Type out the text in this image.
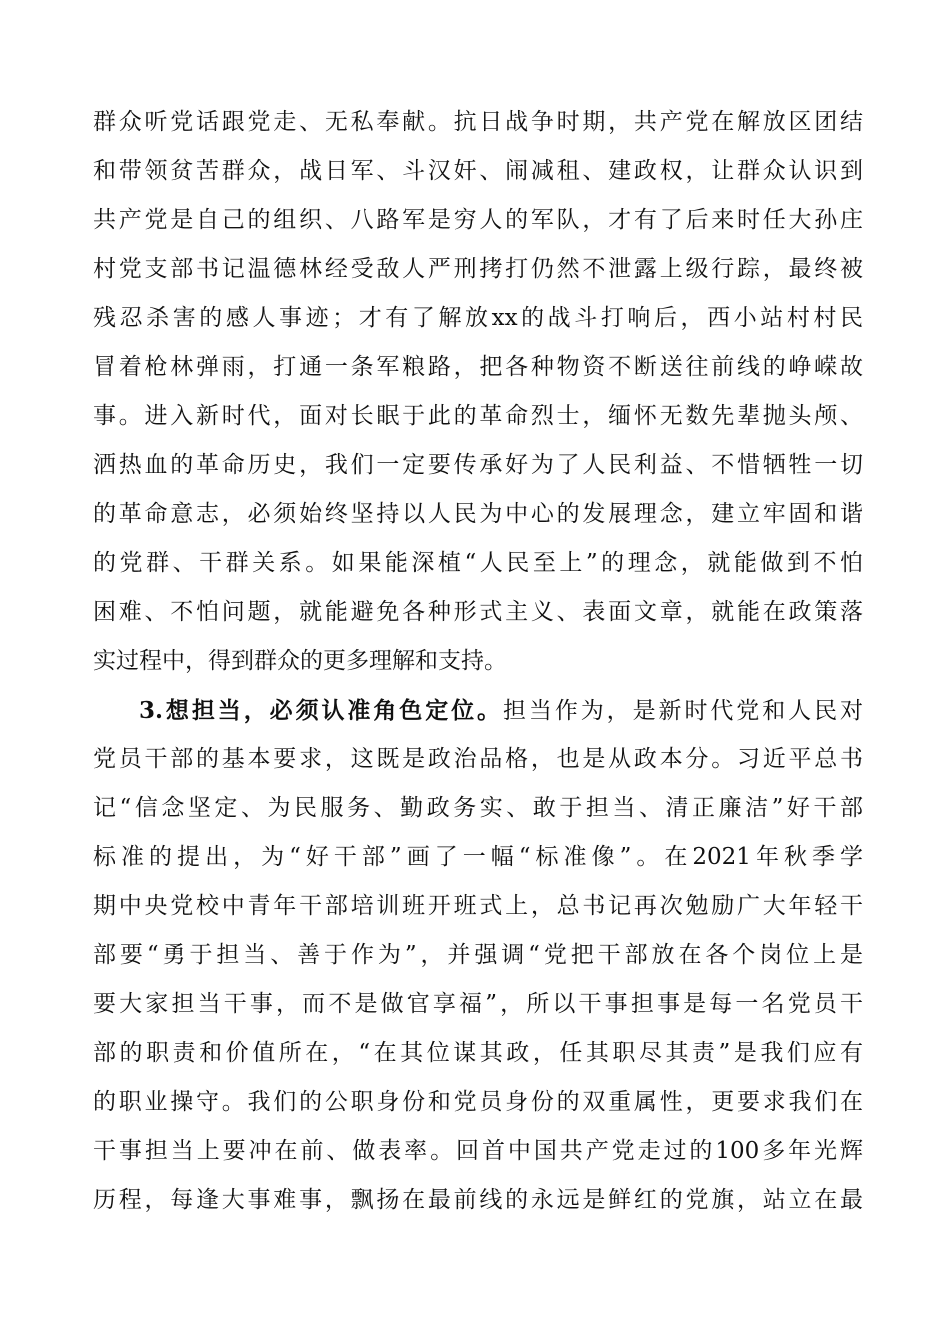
群众听党话跟党走、无私奉献。抗日战争时期，共产党在解放区团结
和带领贫苦群众，战日军、斗汉奸、闹减租、建政权，让群众认识到
共产党是自己的组织、八路军是穷人的军队，才有了后来时任大孙庄
村党支部书记温德林经受敌人严刑拷打仍然不泄露上级行踪，最终被
残忍杀害的感人事迹；才有了解放xx的战斗打响后，西小站村村民
冒着枪林弹雨，打通一条军粮路，把各种物资不断送往前线的峥嵘故
事。进入新时代，面对长眠于此的革命烈士，缅怀无数先辈抛头颅、
洒热血的革命历史，我们一定要传承好为了人民利益、不惜牺牲一切
的革命意志，必须始终坚持以人民为中心的发展理念，建立牢固和谐
的党群、干群关系。如果能深植“人民至上”的理念，就能做到不怕
困难、不怕问题，就能避免各种形式主义、表面文章，就能在政策落
实过程中，得到群众的更多理解和支持。
3.想担当，必须认准角色定位。担当作为，是新时代党和人民对
党员干部的基本要求，这既是政治品格，也是从政本分。习近平总书
记“信念坚定、为民服务、勤政务实、敢于担当、清正廉洁”好干部
标准的提出，为“好干部”画了一幅“标准像”。在2021年秋季学
期中央党校中青年干部培训班开班式上，总书记再次勉励广大年轻干
部要“勇于担当、善于作为”，并强调“党把干部放在各个岗位上是
要大家担当干事，而不是做官享福”，所以干事担事是每一名党员干
部的职责和价值所在，“在其位谋其政，任其职尽其责”是我们应有
的职业操守。我们的公职身份和党员身份的双重属性，更要求我们在
干事担当上要冲在前、做表率。回首中国共产党走过的100多年光辉
历程，每逢大事难事，飘扬在最前线的永远是鲜红的党旗，站立在最
